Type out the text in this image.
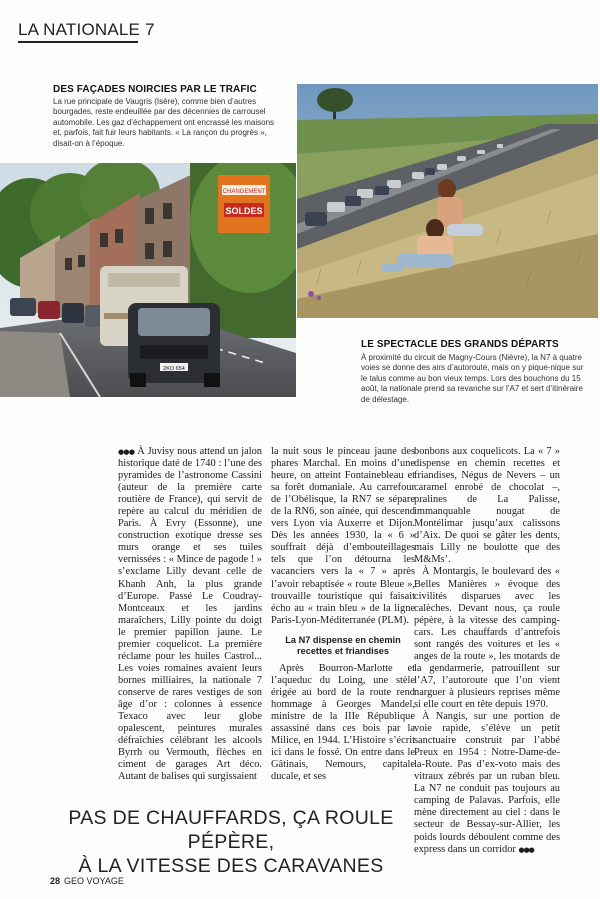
LA NATIONALE 7
DES FAÇADES NOIRCIES PAR LE TRAFIC
La rue principale de Vaugris (Isère), comme bien d’autres bourgades, reste endeuillée par des décennies de carrousel automobile. Les gaz d’échappement ont encrassé les maisons et, parfois, fait fuir leurs habitants. « La rançon du progrès », disait-on à l’époque.
CHANGEMENT
SOLDES
2KO 654
LE SPECTACLE DES GRANDS DÉPARTS
À proximité du circuit de Magny-Cours (Nièvre), la N7 à quatre voies se donne des airs d’autoroute, mais on y pique-nique sur le talus comme au bon vieux temps. Lors des bouchons du 15 août, la nationale prend sa revanche sur l’A7 et sert d’itinéraire de délestage.

●●● À Juvisy nous attend un jalon historique daté de 1740 : l’une des pyramides de l’astronome Cassini (auteur de la première carte routière de France), qui servit de repère au calcul du méridien de Paris. À Evry (Essonne), une construction exotique dresse ses murs orange et ses tuiles vernissées : « Mince de pagode ! » s’exclame Lilly devant celle de Khanh Anh, la plus grande d’Europe. Passé Le Coudray-Montceaux et les jardins maraîchers, Lilly pointe du doigt le premier papillon jaune. Le premier coquelicot. La première réclame pour les huiles Castrol... Les voies romaines avaient leurs bornes milliaires, la nationale 7 conserve de rares vestiges de son âge d’or : colonnes à essence Texaco avec leur globe opalescent, peintures murales défraîchies célébrant les alcools Byrrh ou Vermouth, flèches en ciment de garages Art déco. Autant de balises qui surgissaient

la nuit sous le pinceau jaune des phares Marchal. En moins d’une heure, on atteint Fontainebleau et sa forêt domaniale. Au carrefour de l’Obélisque, la RN7 se sépare de la RN6, son aînée, qui descend vers Lyon via Auxerre et Dijon. Dès les années 1930, la « 6 » souffrait déjà d’embouteillages tels que l’on détourna les vacanciers vers la « 7 » après l’avoir rebaptisée « route Bleue », trouvaille touristique qui faisait écho au « train bleu » de la ligne Paris-Lyon-Méditerranée (PLM).

La N7 dispense en chemin recettes et friandises

Après Bourron-Marlotte et l’aqueduc du Loing, une stèle érigée au bord de la route rend hommage à Georges Mandel, ministre de la IIIe République assassiné dans ces bois par la Milice, en 1944. L’Histoire s’écrit ici dans le fossé. On entre dans le Gâtinais, Nemours, capitale ducale, et ses

bonbons aux coquelicots. La « 7 » dispense en chemin recettes et friandises, Négus de Nevers – un caramel enrobé de chocolat –, pralines de La Palisse, immanquable nougat de Montélimar jusqu’aux calissons d’Aix. De quoi se gâter les dents, mais Lilly ne boulotte que des M&Ms’.

À Montargis, le boulevard des « Belles Manières » évoque des civilités disparues avec les calèches. Devant nous, ça roule pépère, à la vitesse des camping-cars. Les chauffards d’antrefois sont rangés des voitures et les « anges de la route », les motards de la gendarmerie, patrouillent sur l’A7, l’autoroute que l’on vient narguer à plusieurs reprises même si elle court en tête depuis 1970.

À Nangis, sur une portion de voie rapide, s’élève un petit sanctuaire construit par l’abbé Preux en 1954 : Notre-Dame-de-la-Route. Pas d’ex-voto mais des vitraux zébrés par un ruban bleu. La N7 ne conduit pas toujours au camping de Palavas. Parfois, elle mène directement au ciel : dans le secteur de Bessay-sur-Allier, les poids lourds déboulent comme des express dans un corridor ●●●

PAS DE CHAUFFARDS, ÇA ROULE PÉPÈRE,
À LA VITESSE DES CARAVANES
28 GEO VOYAGE
